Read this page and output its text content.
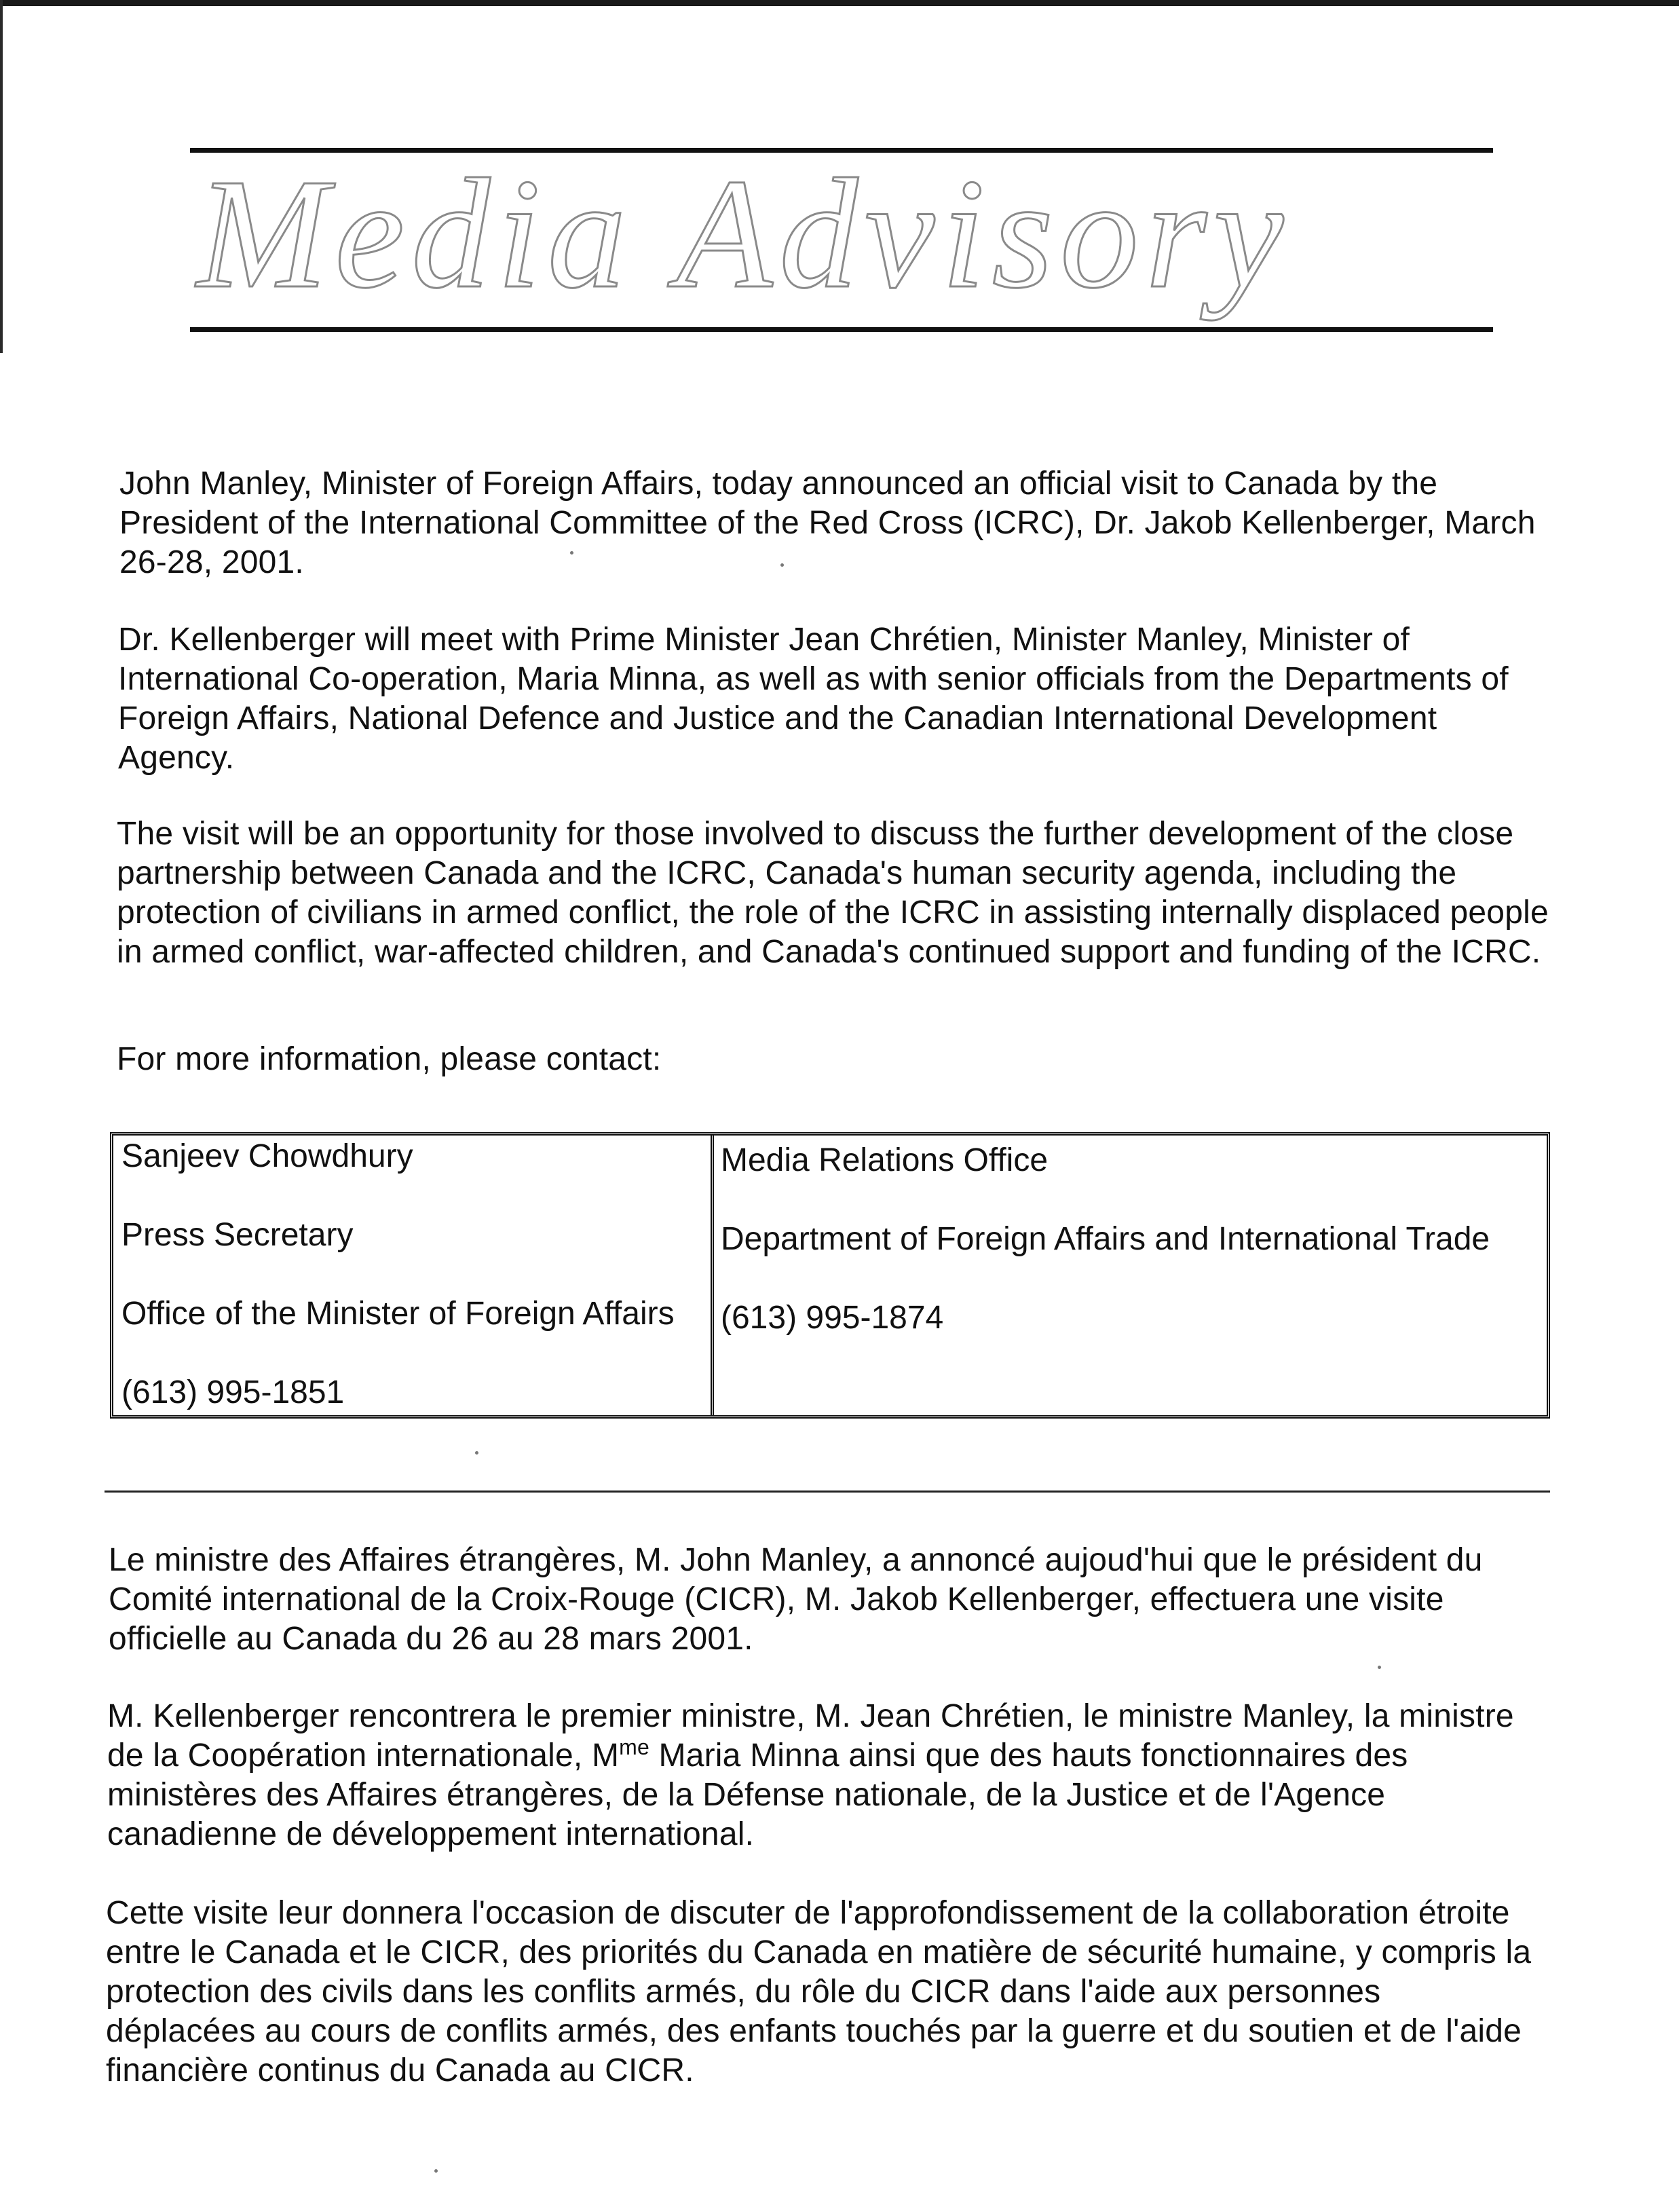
Media Advisory

John Manley, Minister of Foreign Affairs, today announced an official visit to Canada by the President of the International Committee of the Red Cross (ICRC), Dr. Jakob Kellenberger, March 26-28, 2001.

Dr. Kellenberger will meet with Prime Minister Jean Chrétien, Minister Manley, Minister of International Co-operation, Maria Minna, as well as with senior officials from the Departments of Foreign Affairs, National Defence and Justice and the Canadian International Development Agency.

The visit will be an opportunity for those involved to discuss the further development of the close partnership between Canada and the ICRC, Canada's human security agenda, including the protection of civilians in armed conflict, the role of the ICRC in assisting internally displaced people in armed conflict, war-affected children, and Canada's continued support and funding of the ICRC.

For more information, please contact:

Sanjeev Chowdhury

Press Secretary

Office of the Minister of Foreign Affairs

(613) 995-1851

Media Relations Office

Department of Foreign Affairs and International Trade

(613) 995-1874

Le ministre des Affaires étrangères, M. John Manley, a annoncé aujoud'hui que le président du Comité international de la Croix-Rouge (CICR), M. Jakob Kellenberger, effectuera une visite officielle au Canada du 26 au 28 mars 2001.

M. Kellenberger rencontrera le premier ministre, M. Jean Chrétien, le ministre Manley, la ministre de la Coopération internationale, $M^{me}$ Maria Minna ainsi que des hauts fonctionnaires des ministères des Affaires étrangères, de la Défense nationale, de la Justice et de l'Agence canadienne de développement international.

Cette visite leur donnera l'occasion de discuter de l'approfondissement de la collaboration étroite entre le Canada et le CICR, des priorités du Canada en matière de sécurité humaine, y compris la protection des civils dans les conflits armés, du rôle du CICR dans l'aide aux personnes déplacées au cours de conflits armés, des enfants touchés par la guerre et du soutien et de l'aide financière continus du Canada au CICR.
